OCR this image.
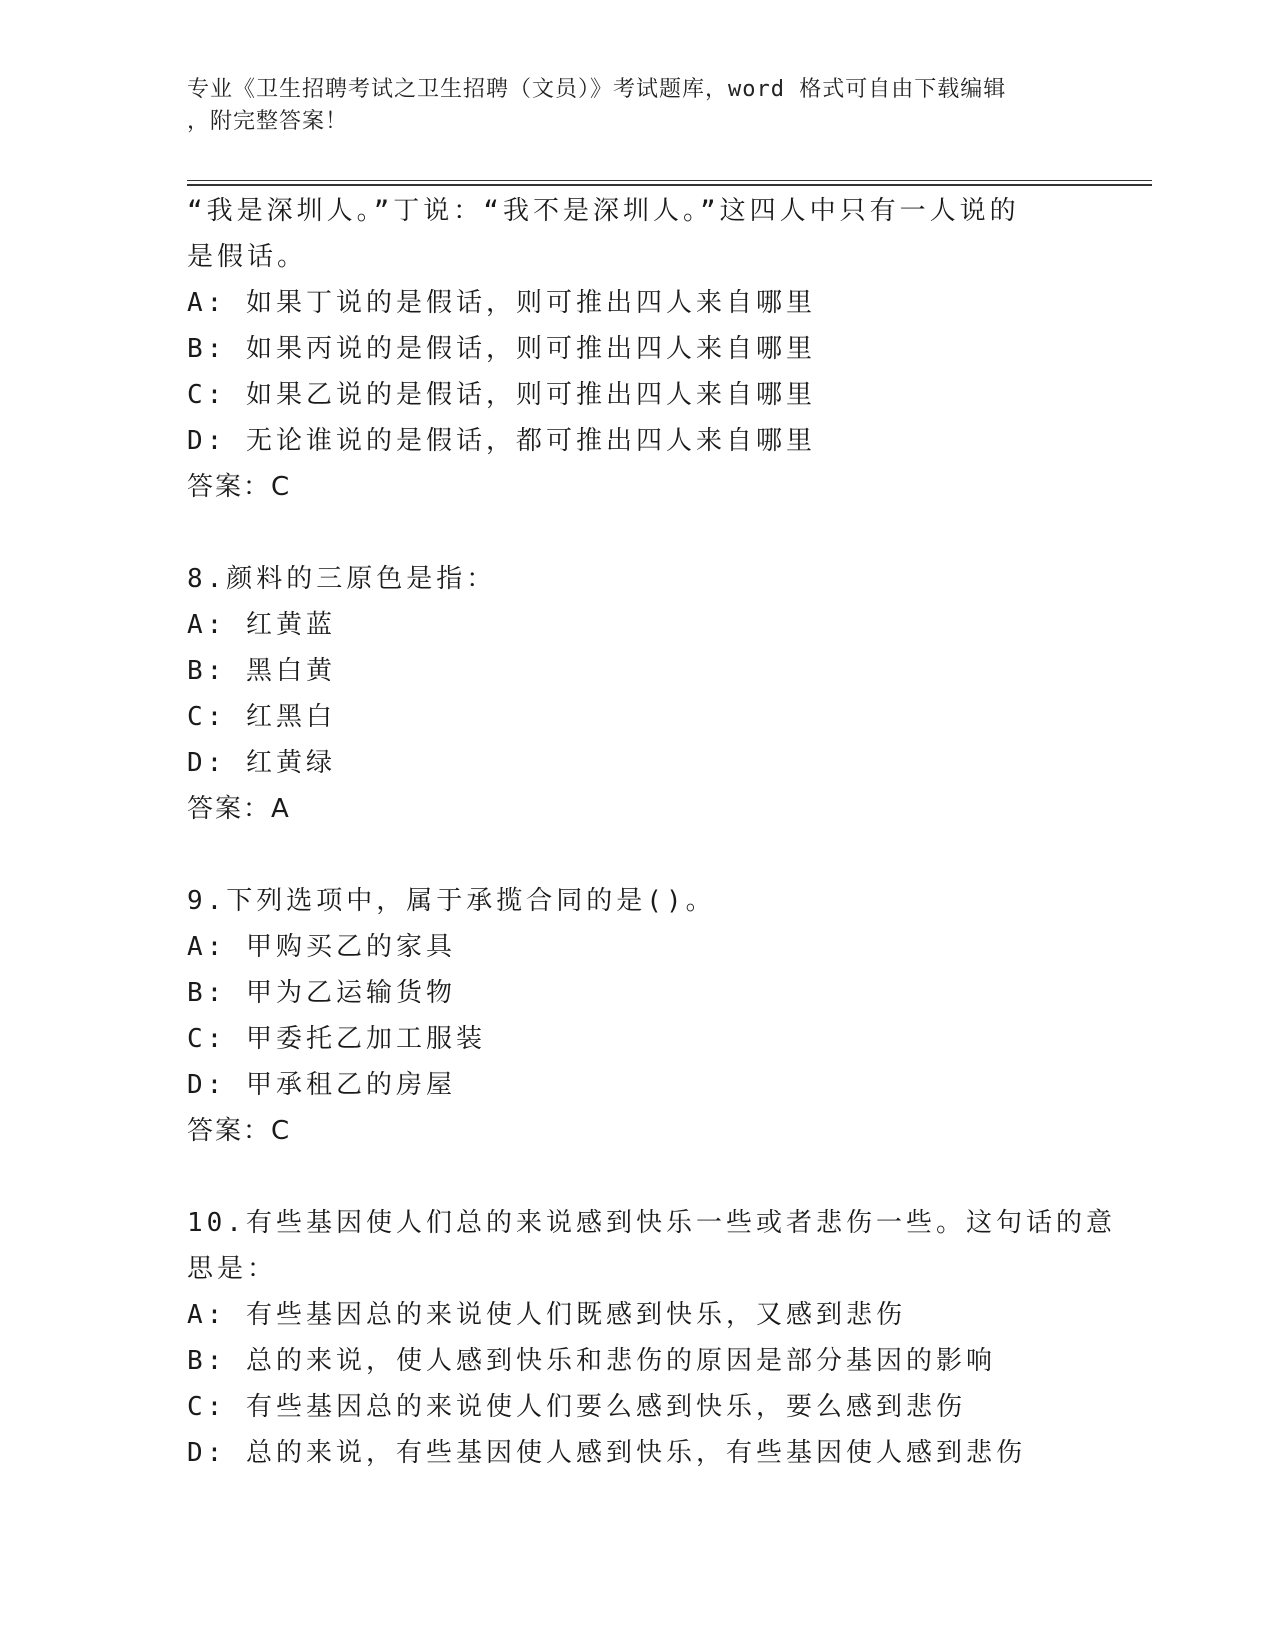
专业《卫生招聘考试之卫生招聘（文员）》考试题库，word 格式可自由下载编辑
，附完整答案！
“我是深圳人。”丁说：“我不是深圳人。”这四人中只有一人说的
是假话。
A: 如果丁说的是假话，则可推出四人来自哪里
B: 如果丙说的是假话，则可推出四人来自哪里
C: 如果乙说的是假话，则可推出四人来自哪里
D: 无论谁说的是假话，都可推出四人来自哪里
答案：C
8.颜料的三原色是指：
A: 红黄蓝
B: 黑白黄
C: 红黑白
D: 红黄绿
答案：A
9.下列选项中，属于承揽合同的是()。
A: 甲购买乙的家具
B: 甲为乙运输货物
C: 甲委托乙加工服装
D: 甲承租乙的房屋
答案：C
10.有些基因使人们总的来说感到快乐一些或者悲伤一些。这句话的意
思是：
A: 有些基因总的来说使人们既感到快乐，又感到悲伤
B: 总的来说，使人感到快乐和悲伤的原因是部分基因的影响
C: 有些基因总的来说使人们要么感到快乐，要么感到悲伤
D: 总的来说，有些基因使人感到快乐，有些基因使人感到悲伤
